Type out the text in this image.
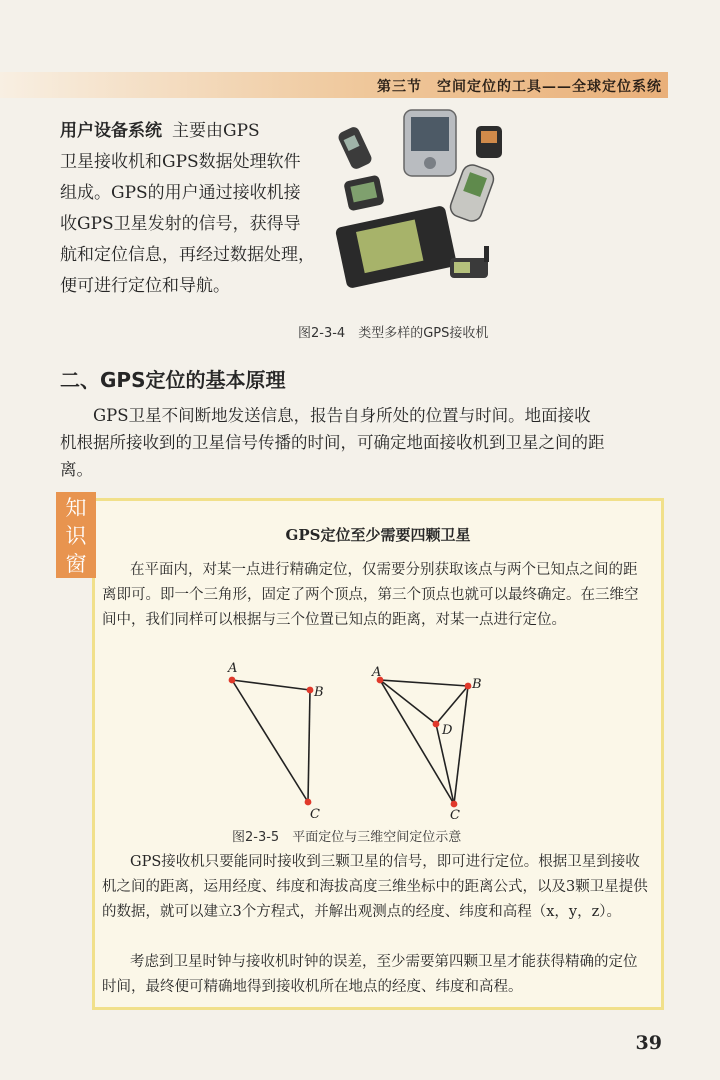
第三节　空间定位的工具——全球定位系统
用户设备系统 主要由GPS
卫星接收机和GPS数据处理软件
组成。GPS的用户通过接收机接
收GPS卫星发射的信号，获得导
航和定位信息，再经过数据处理，
便可进行定位和导航。
图2-3-4　类型多样的GPS接收机
二、GPS定位的基本原理
GPS卫星不间断地发送信息，报告自身所处的位置与时间。地面接收机根据所接收到的卫星信号传播的时间，可确定地面接收机到卫星之间的距离。
知
识
窗
GPS定位至少需要四颗卫星
在平面内，对某一点进行精确定位，仅需要分别获取该点与两个已知点之间的距离即可。即一个三角形，固定了两个顶点，第三个顶点也就可以最终确定。在三维空间中，我们同样可以根据与三个位置已知点的距离，对某一点进行定位。
A
B
C
A
B
D
C
图2-3-5　平面定位与三维空间定位示意
GPS接收机只要能同时接收到三颗卫星的信号，即可进行定位。根据卫星到接收机之间的距离，运用经度、纬度和海拔高度三维坐标中的距离公式，以及3颗卫星提供的数据，就可以建立3个方程式，并解出观测点的经度、纬度和高程（x，y，z）。
考虑到卫星时钟与接收机时钟的误差，至少需要第四颗卫星才能获得精确的定位时间，最终便可精确地得到接收机所在地点的经度、纬度和高程。
39
